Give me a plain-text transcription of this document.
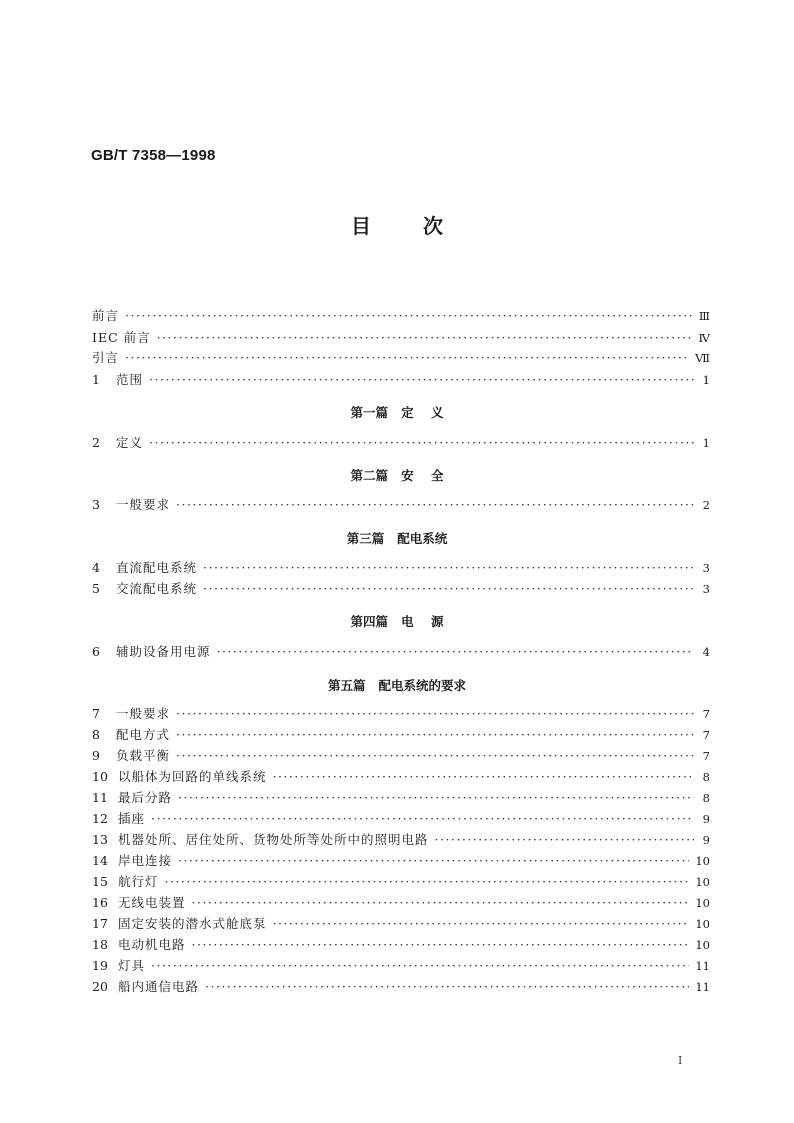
GB/T 7358—1998
目次
前言 ·····	Ⅲ
IEC 前言 ·····	Ⅳ
引言 ·····	Ⅶ
1	范围 ·····	1
第一篇 定    义
2	定义 ·····	1
第二篇 安    全
3	一般要求 ·····	2
第三篇 配电系统
4	直流配电系统 ·····	3
5	交流配电系统 ·····	3
第四篇 电    源
6	辅助设备用电源 ·····	4
第五篇 配电系统的要求
7	一般要求 ·····	7
8	配电方式 ·····	7
9	负载平衡 ·····	7
10 以船体为回路的单线系统 ·····	8
11 最后分路 ·····	8
12 插座 ·····	9
13 机器处所、居住处所、货物处所等处所中的照明电路 ·····	9
14 岸电连接 ·····	10
15 航行灯 ·····	10
16 无线电装置 ·····	10
17 固定安装的潜水式舱底泵 ·····	10
18 电动机电路 ·····	10
19 灯具 ·····	11
20 船内通信电路 ·····	11
I
